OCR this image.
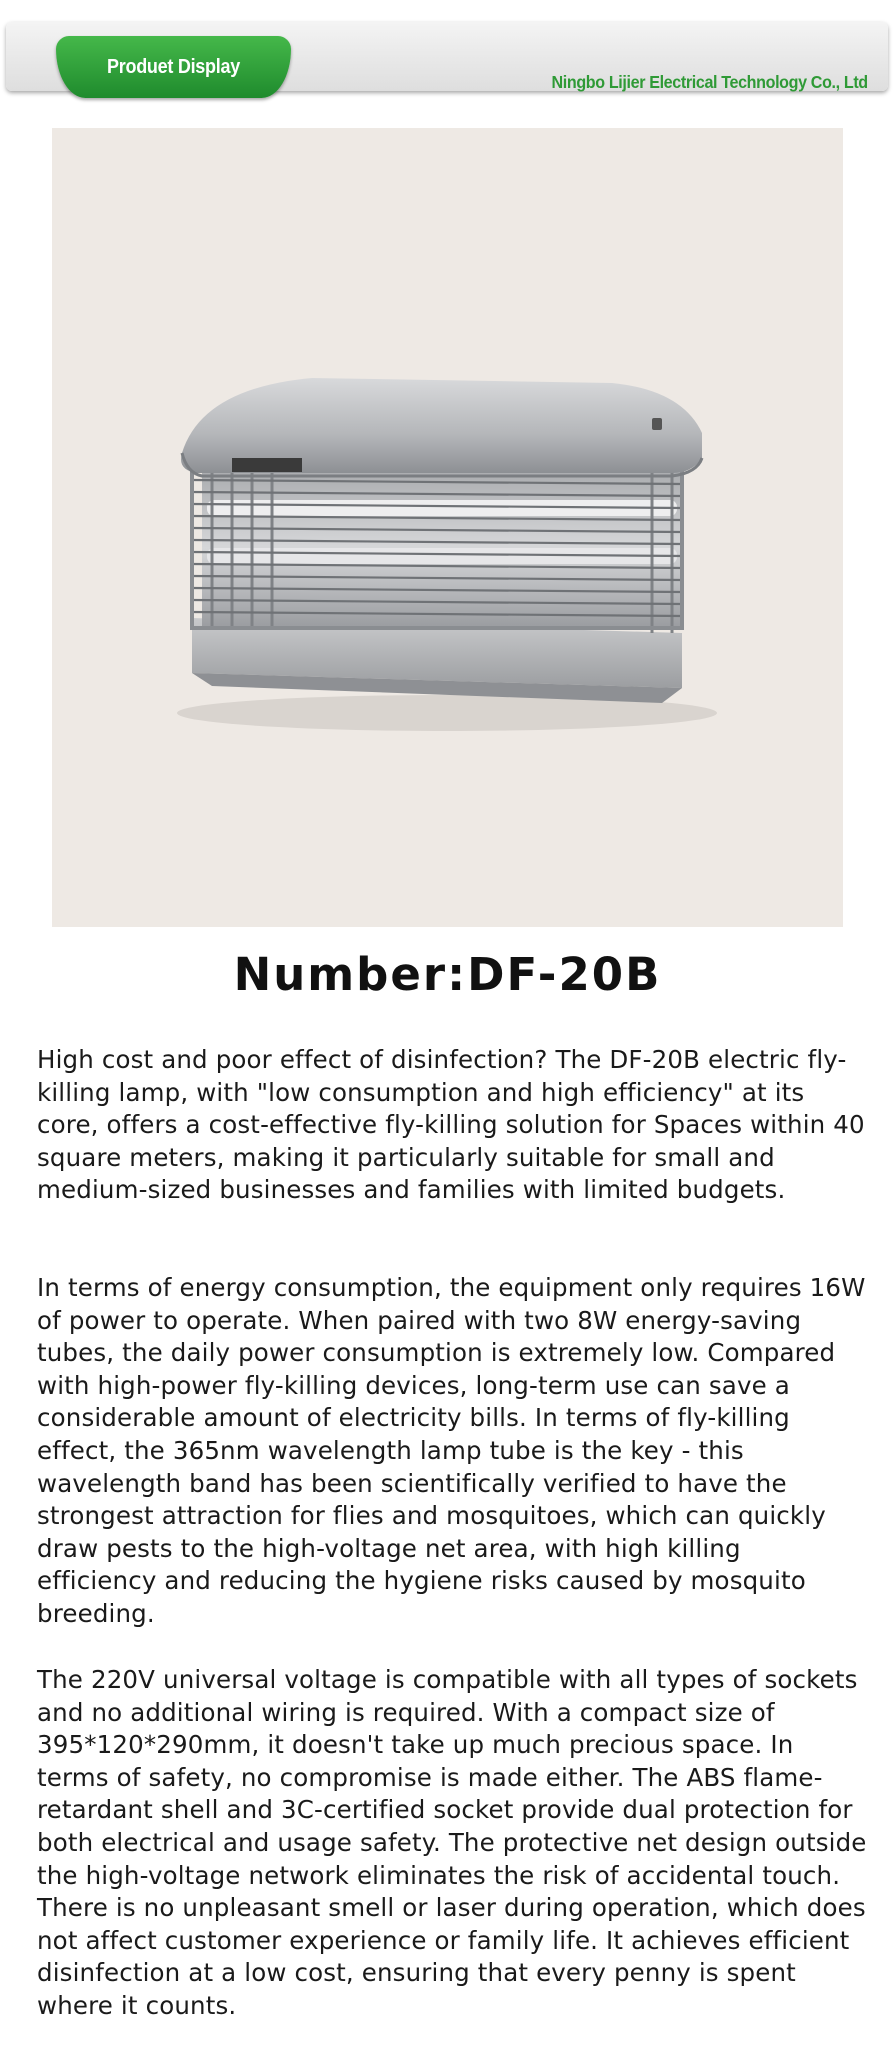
Produet Display
Ningbo Lijier Electrical Technology Co., Ltd
Number:DF-20B
High cost and poor effect of disinfection? The DF-20B electric fly-killing lamp, with "low consumption and high efficiency" at its core, offers a cost-effective fly-killing solution for Spaces within 40 square meters, making it particularly suitable for small and medium-sized businesses and families with limited budgets.
In terms of energy consumption, the equipment only requires 16W of power to operate. When paired with two 8W energy-saving tubes, the daily power consumption is extremely low. Compared with high-power fly-killing devices, long-term use can save a considerable amount of electricity bills. In terms of fly-killing effect, the 365nm wavelength lamp tube is the key - this wavelength band has been scientifically verified to have the strongest attraction for flies and mosquitoes, which can quickly draw pests to the high-voltage net area, with high killing efficiency and reducing the hygiene risks caused by mosquito breeding.
The 220V universal voltage is compatible with all types of sockets and no additional wiring is required. With a compact size of 395*120*290mm, it doesn't take up much precious space. In terms of safety, no compromise is made either. The ABS flame-retardant shell and 3C-certified socket provide dual protection for both electrical and usage safety. The protective net design outside the high-voltage network eliminates the risk of accidental touch. There is no unpleasant smell or laser during operation, which does not affect customer experience or family life. It achieves efficient disinfection at a low cost, ensuring that every penny is spent where it counts.
